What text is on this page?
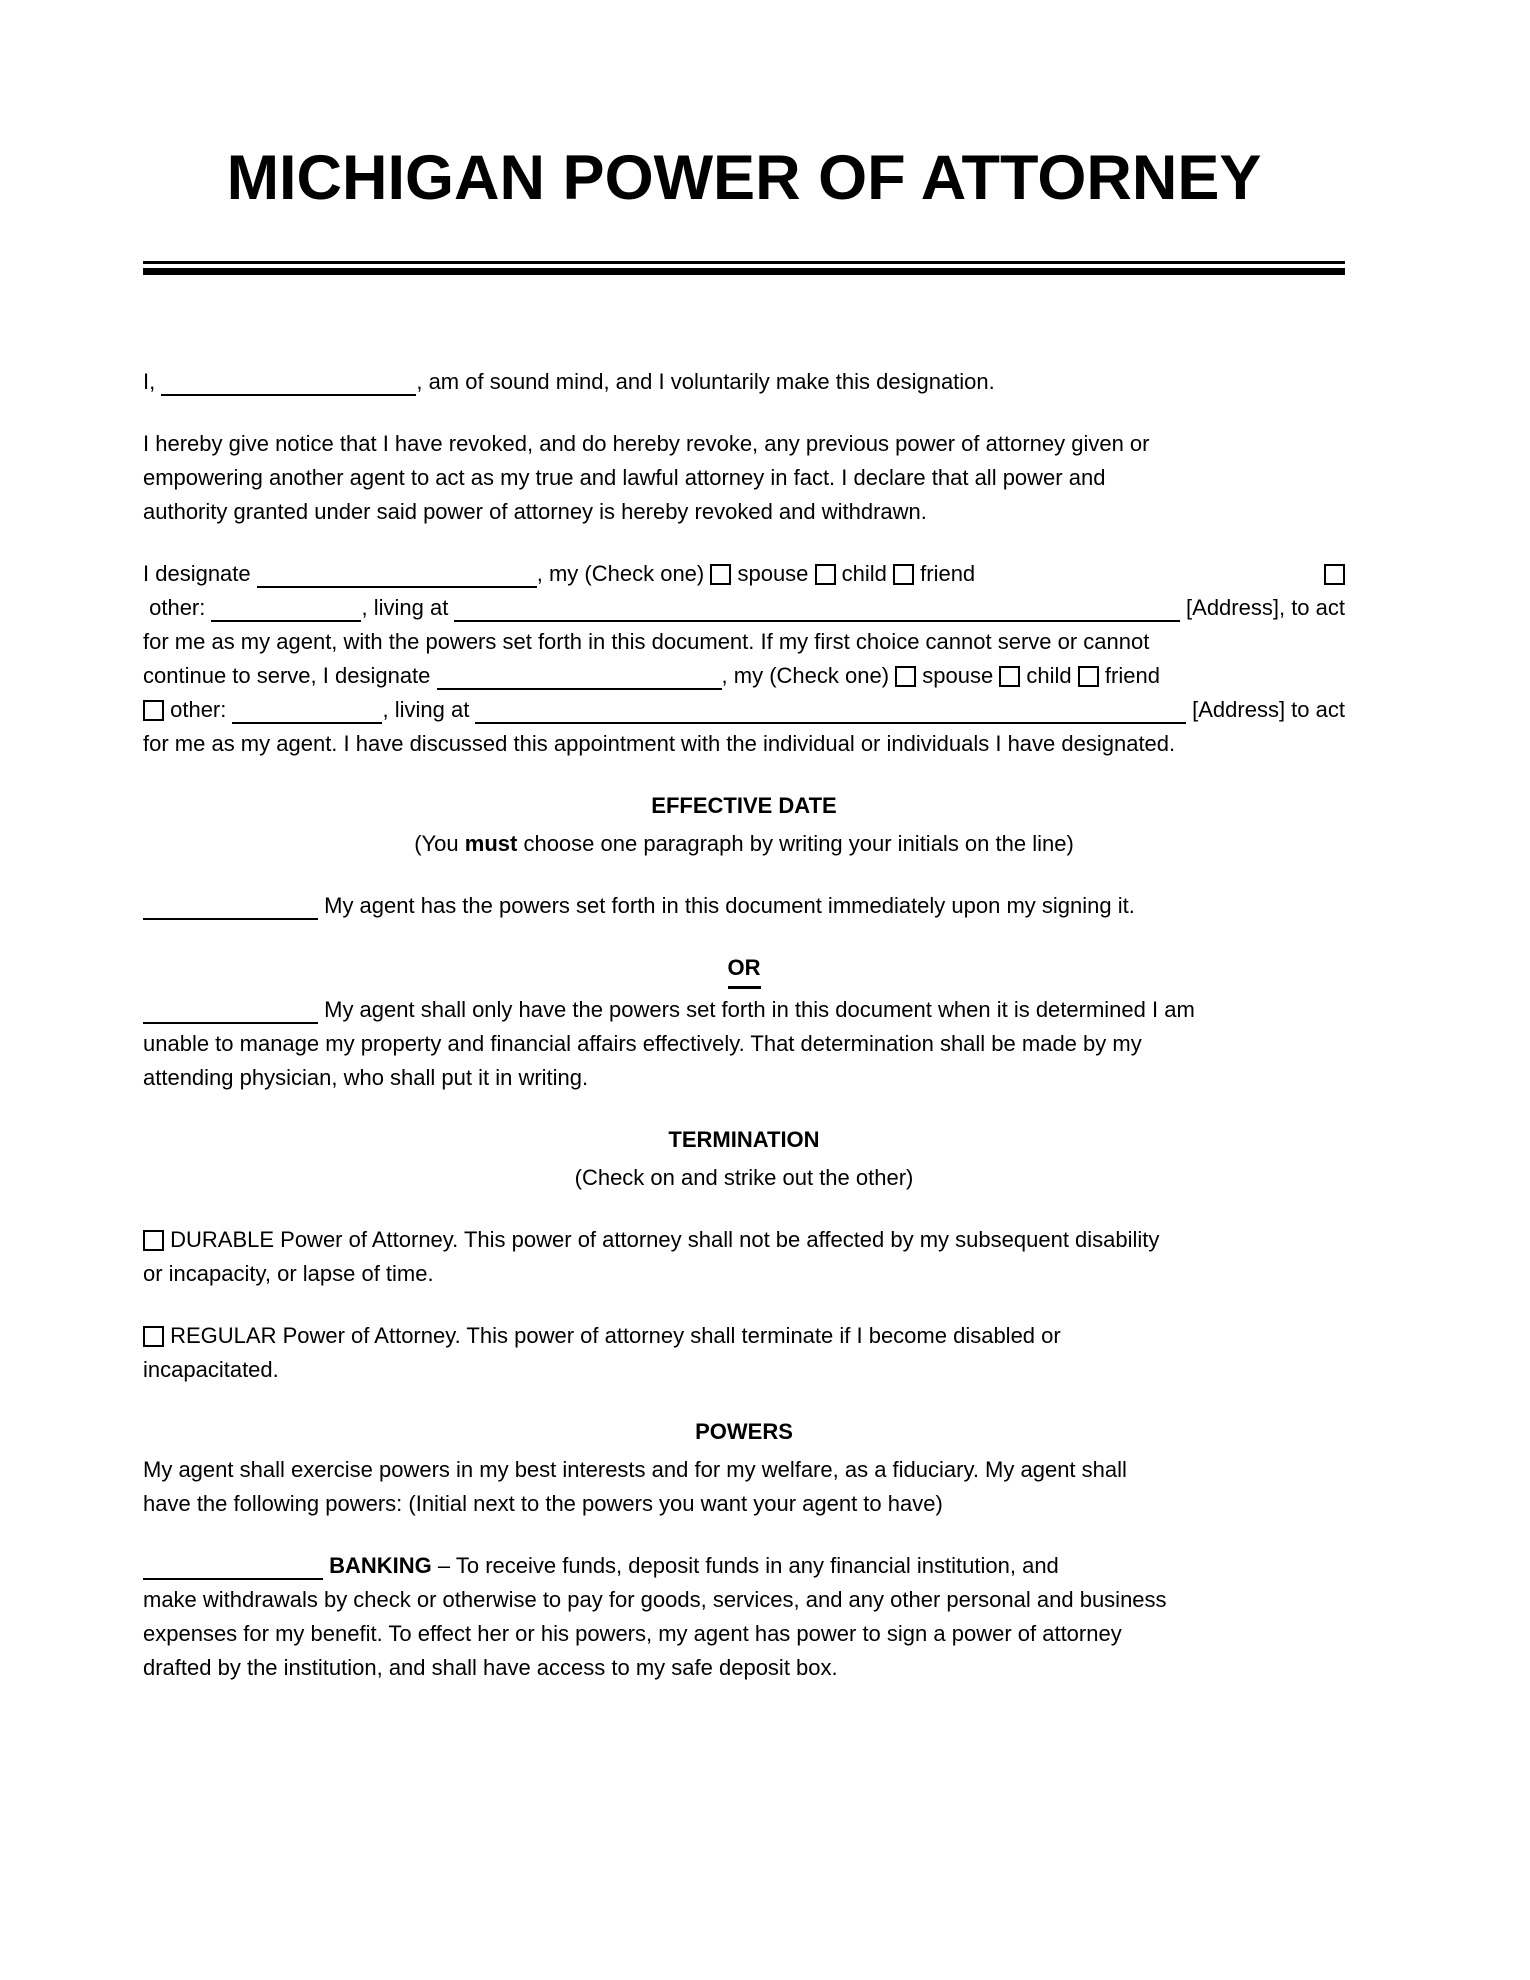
MICHIGAN POWER OF ATTORNEY
I,	, am of sound mind, and I voluntarily make this designation.
I hereby give notice that I have revoked, and do hereby revoke, any previous power of attorney given or
empowering another agent to act as my true and lawful attorney in fact. I declare that all power and
authority granted under said power of attorney is hereby revoked and withdrawn.
I designate	, my (Check one) spouse child friend
other:	, living at	[Address], to act
for me as my agent, with the powers set forth in this document. If my first choice cannot serve or cannot
continue to serve, I designate	, my (Check one) spouse child friend
other:	, living at	[Address] to act
for me as my agent. I have discussed this appointment with the individual or individuals I have designated.
EFFECTIVE DATE
(You must choose one paragraph by writing your initials on the line)
My agent has the powers set forth in this document immediately upon my signing it.
OR
My agent shall only have the powers set forth in this document when it is determined I am
unable to manage my property and financial affairs effectively. That determination shall be made by my
attending physician, who shall put it in writing.
TERMINATION
(Check on and strike out the other)
DURABLE Power of Attorney. This power of attorney shall not be affected by my subsequent disability
or incapacity, or lapse of time.
REGULAR Power of Attorney. This power of attorney shall terminate if I become disabled or
incapacitated.
POWERS
My agent shall exercise powers in my best interests and for my welfare, as a fiduciary. My agent shall
have the following powers: (Initial next to the powers you want your agent to have)

BANKING – To receive funds, deposit funds in any financial institution, and
make withdrawals by check or otherwise to pay for goods, services, and any other personal and business
expenses for my benefit. To effect her or his powers, my agent has power to sign a power of attorney
drafted by the institution, and shall have access to my safe deposit box.
